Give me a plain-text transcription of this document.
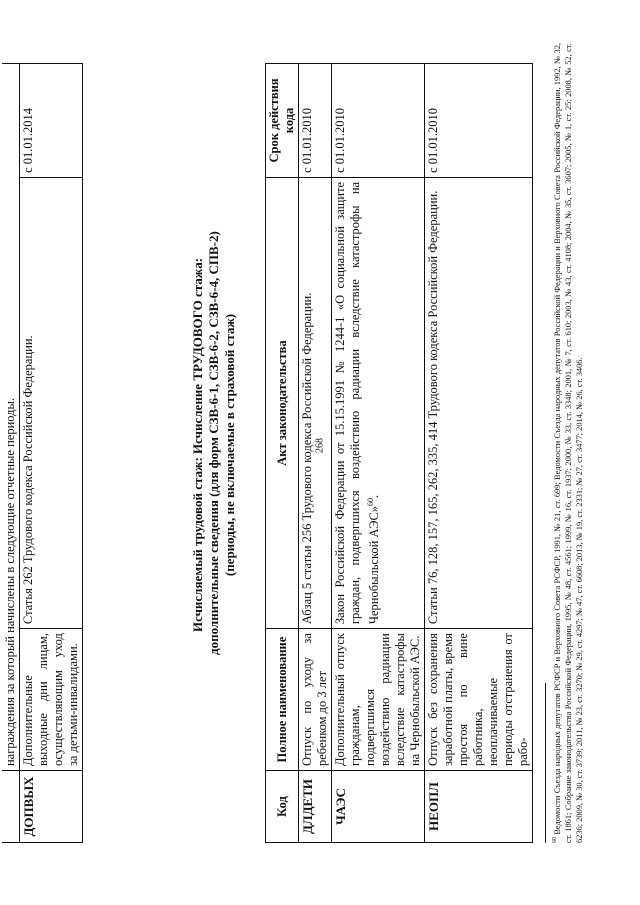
268
	награждения за который начислены в следующие отчетные периоды.		
ДОПВЫХ	Дополнительные выходные дни лицам, осуществляющим уход за детьми-инвалидами.	Статья 262 Трудового кодекса Российской Федерации.	с 01.01.2014
Исчисляемый трудовой стаж: Исчисление ТРУДОВОГО стажа: дополнительные сведения (для форм СЗВ-6-1, СЗВ-6-2, СЗВ-6-4, СПВ-2) (периоды, не включаемые в страховой стаж)
Код	Полное наименование	Акт законодательства	Срок действия кода
ДЛДЕТИ	Отпуск по уходу за ребенком до 3 лет	Абзац 5 статьи 256 Трудового кодекса Российской Федерации.	с 01.01.2010
ЧАЭС	Дополнительный отпуск гражданам, подвергшимся воздействию радиации вследствие катастрофы на Чернобыльской АЭС.	Закон Российской Федерации от 15.15.1991 № 1244-1 «О социальной защите граждан, подвергшихся воздействию радиации вследствие катастрофы на Чернобыльской АЭС»$^{60}$.	с 01.01.2010
НЕОПЛ	Отпуск без сохранения заработной платы, время простоя по вине работника, неоплачиваемые периоды отстранения от рабо-	Статьи 76, 128, 157, 165, 262, 335, 414 Трудового кодекса Российской Федерации.	с 01.01.2010
$^{60}$ Ведомости Съезда народных депутатов РСФСР и Верховного Совета РСФСР, 1991, № 21, ст. 699; Ведомости Съезда народных депутатов Российской Федерации и Верховного Совета Российской Федерации, 1992, № 32, ст. 1861; Собрание законодательства Российской Федерации, 1995, № 48, ст. 4561; 1999, № 16, ст. 1937; 2000, № 33, ст. 3348; 2001, № 7, ст. 610; 2003, № 43, ст. 4108; 2004, № 35, ст. 3607; 2005, № 1, ст. 25; 2008, № 52, ст. 6236; 2009, № 30, ст. 3739; 2011, № 23, ст. 3270; № 29, ст. 4297; № 47, ст. 6608; 2013, № 19, ст. 2331; № 27, ст. 3477; 2014, № 26, ст. 3406.
